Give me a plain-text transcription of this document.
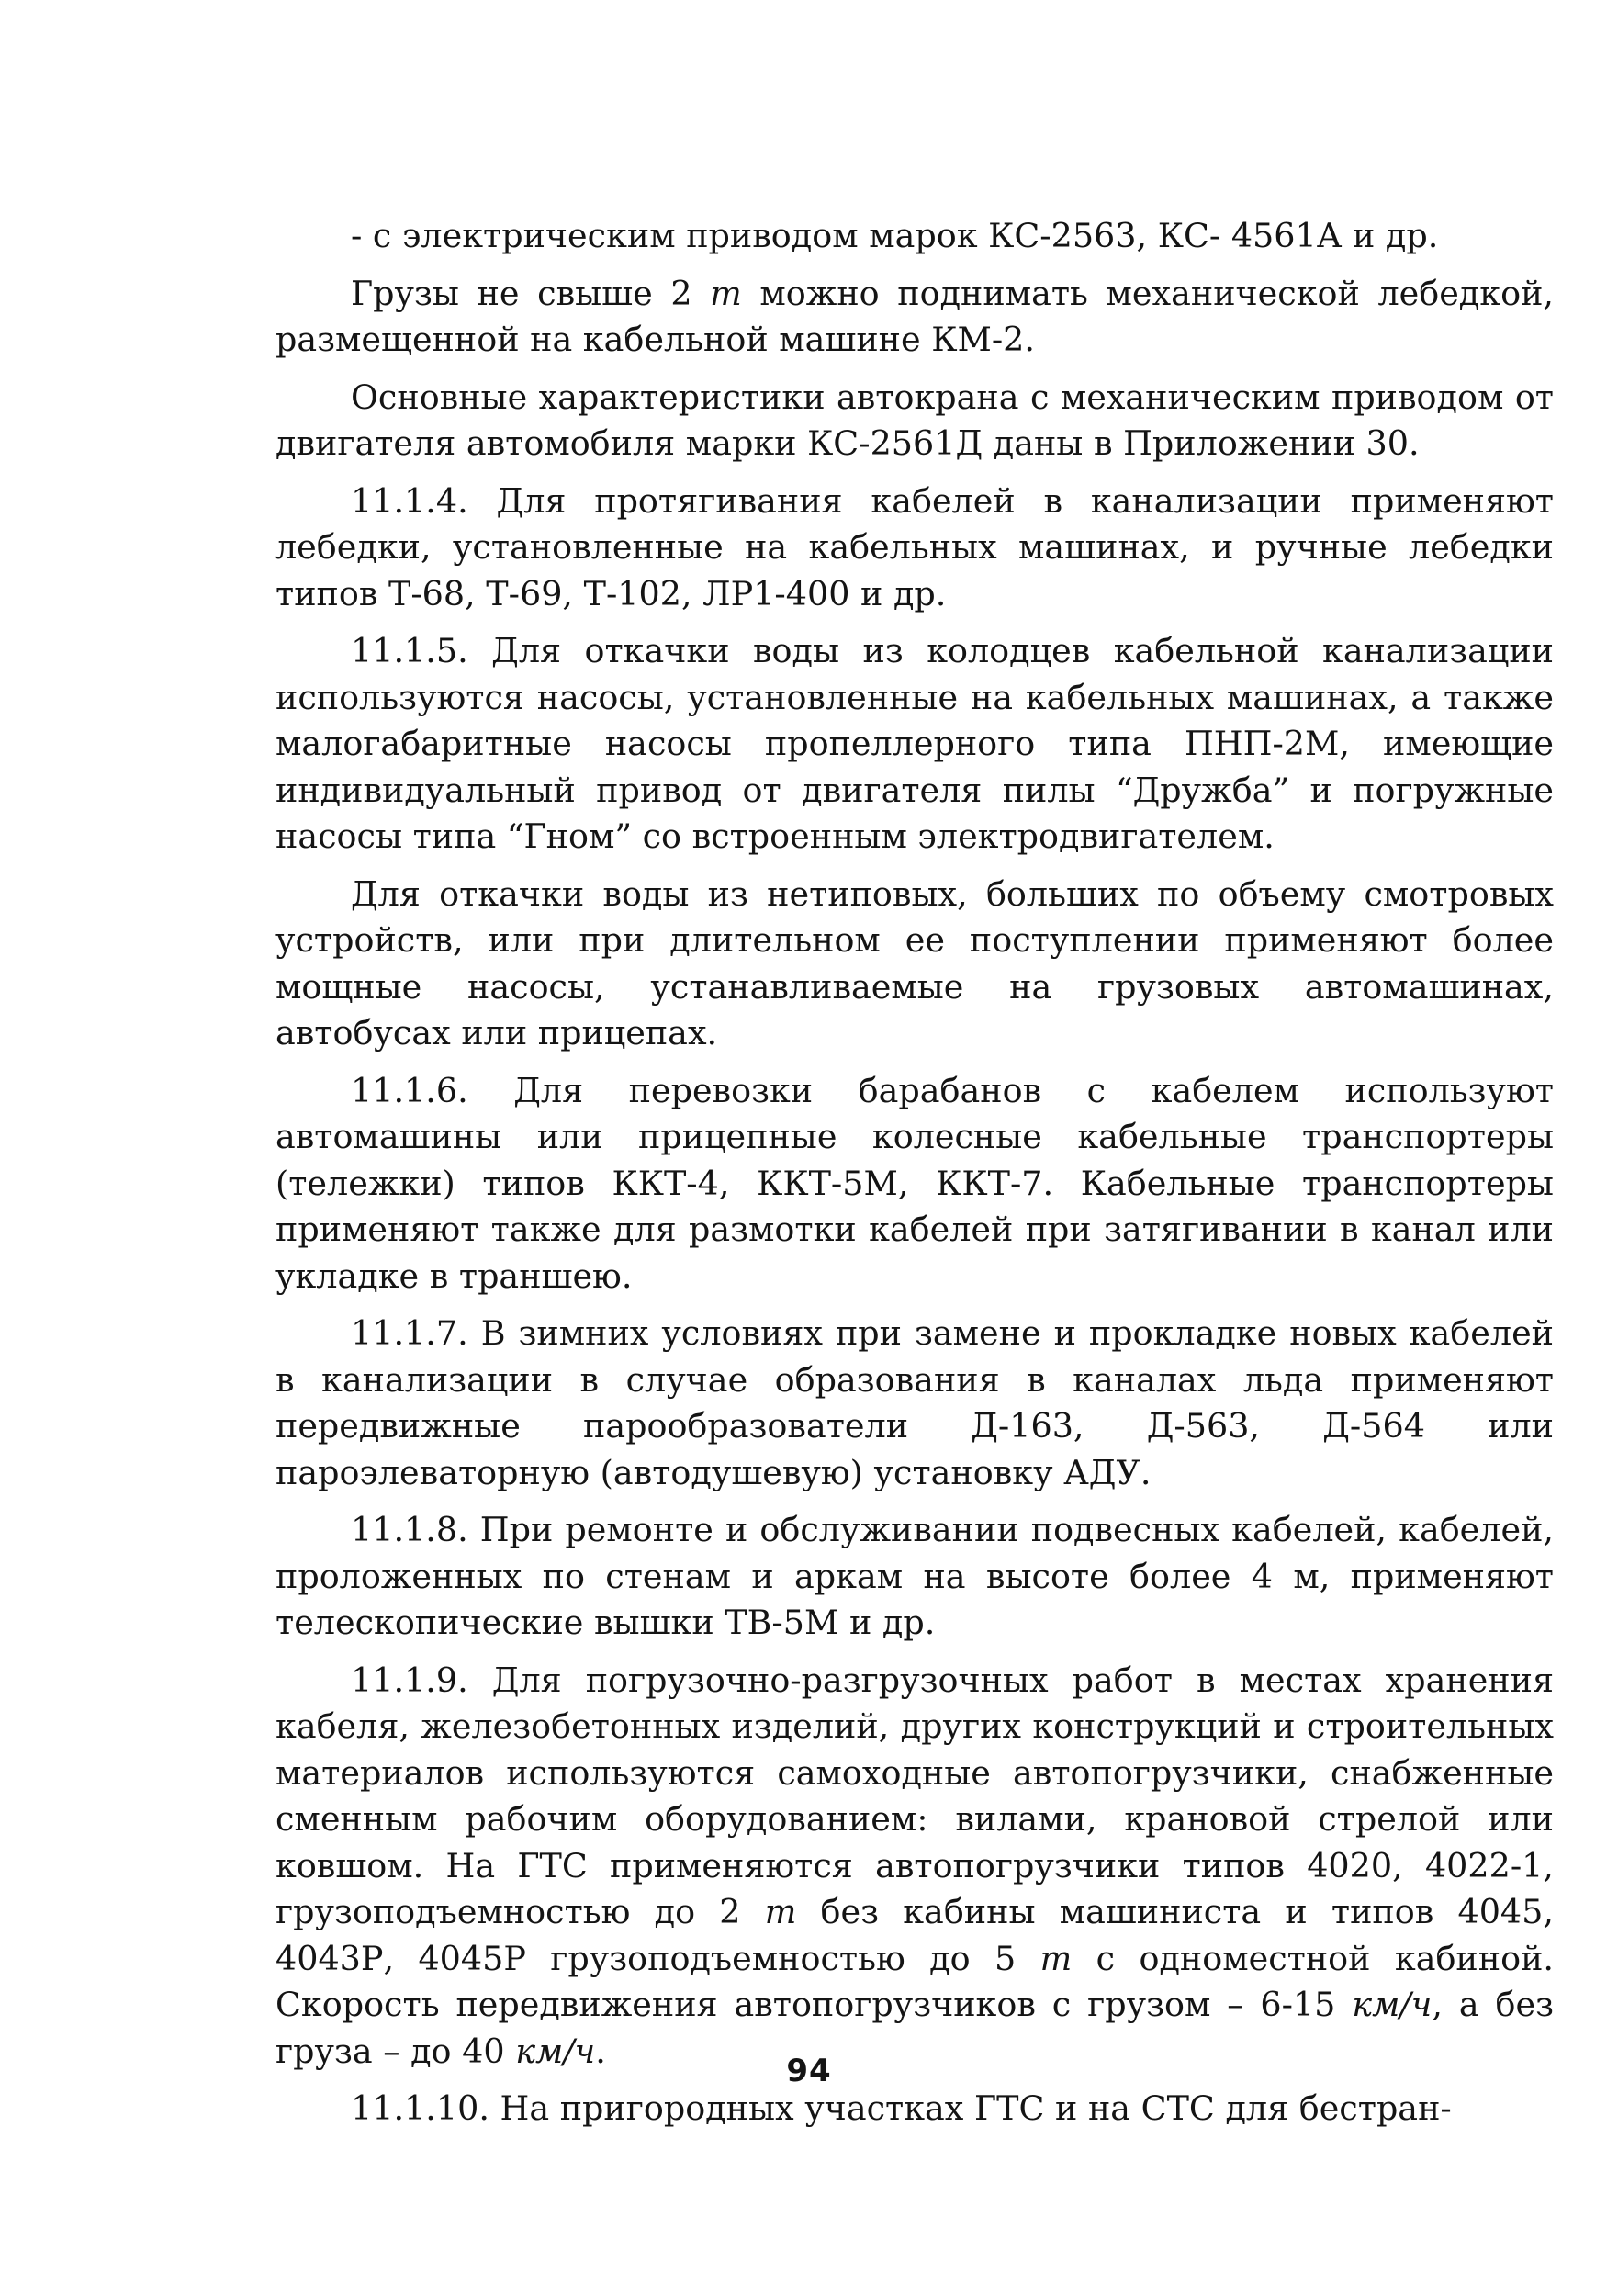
- с электрическим приводом марок КС-2563, КС- 4561А и др.

Грузы не свыше 2 т можно поднимать механической лебедкой, размещенной на кабельной машине КМ-2.

Основные характеристики автокрана с механическим приводом от двигателя автомобиля марки КС-2561Д даны в Приложении 30.

11.1.4. Для протягивания кабелей в канализации применяют лебедки, установленные на кабельных машинах, и ручные лебедки типов Т-68, Т-69, Т-102, ЛР1-400 и др.

11.1.5. Для откачки воды из колодцев кабельной канализации используются насосы, установленные на кабельных машинах, а также малогабаритные насосы пропеллерного типа ПНП-2М, имеющие индивидуальный привод от двигателя пилы “Дружба” и погружные насосы типа “Гном” со встроенным электродвигателем.

Для откачки воды из нетиповых, больших по объему смотровых устройств, или при длительном ее поступлении применяют более мощные насосы, устанавливаемые на грузовых автомашинах, автобусах или прицепах.

11.1.6. Для перевозки барабанов с кабелем используют автомашины или прицепные колесные кабельные транспортеры (тележки) типов ККТ-4, ККТ-5М, ККТ-7. Кабельные транспортеры применяют также для размотки кабелей при затягивании в канал или укладке в траншею.

11.1.7. В зимних условиях при замене и прокладке новых кабелей в канализации в случае образования в каналах льда применяют передвижные парообразователи Д-163, Д-563, Д-564 или пароэлеваторную (автодушевую) установку АДУ.

11.1.8. При ремонте и обслуживании подвесных кабелей, кабелей, проложенных по стенам и аркам на высоте более 4 м, применяют телескопические вышки ТВ-5М и др.

11.1.9. Для погрузочно-разгрузочных работ в местах хранения кабеля, железобетонных изделий, других конструкций и строительных материалов используются самоходные автопогрузчики, снабженные сменным рабочим оборудованием: вилами, крановой стрелой или ковшом. На ГТС применяются автопогрузчики типов 4020, 4022-1, грузоподъемностью до 2 т без кабины машиниста и типов 4045, 4043Р, 4045Р грузоподъемностью до 5 т с одноместной кабиной. Скорость передвижения автопогрузчиков с грузом – 6-15 км/ч, а без груза – до 40 км/ч.

11.1.10. На пригородных участках ГТС и на СТС для бестран-

94
